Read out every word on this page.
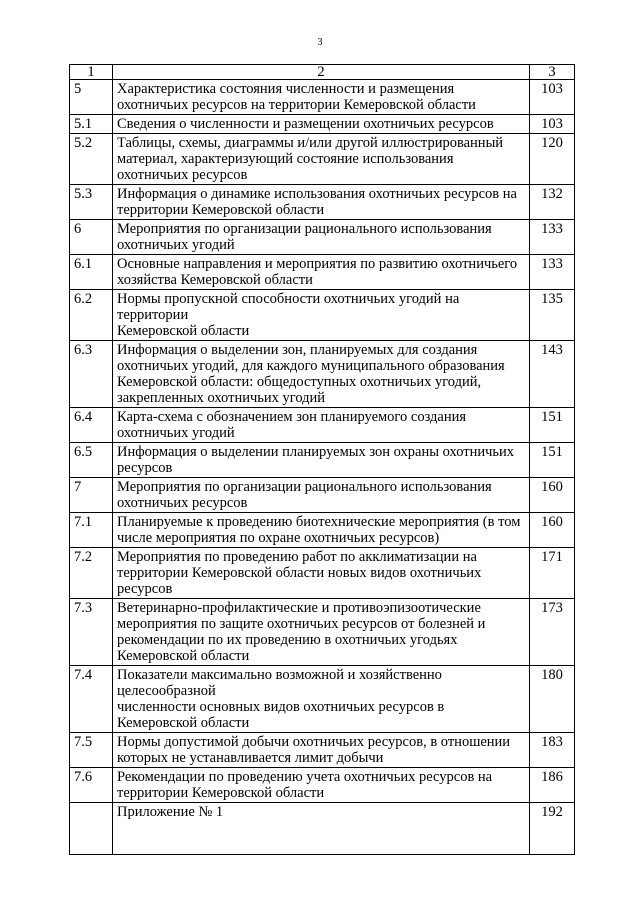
3
1	2	3
5	Характеристика состояния численности и размещения
охотничьих ресурсов на территории Кемеровской области	103
5.1	Сведения о численности и размещении охотничьих ресурсов	103
5.2	Таблицы, схемы, диаграммы и/или другой иллюстрированный
материал, характеризующий состояние использования
охотничьих ресурсов	120
5.3	Информация о динамике использования охотничьих ресурсов на
территории Кемеровской области	132
6	Мероприятия по организации рационального использования
охотничьих угодий	133
6.1	Основные направления и мероприятия по развитию охотничьего
хозяйства Кемеровской области	133
6.2	Нормы пропускной способности охотничьих угодий на территории
Кемеровской области	135
6.3	Информация о выделении зон, планируемых для создания
охотничьих угодий, для каждого муниципального образования
Кемеровской области: общедоступных охотничьих угодий,
закрепленных охотничьих угодий	143
6.4	Карта-схема с обозначением зон планируемого создания
охотничьих угодий	151
6.5	Информация о выделении планируемых зон охраны охотничьих
ресурсов	151
7	Мероприятия по организации рационального использования
охотничьих ресурсов	160
7.1	Планируемые к проведению биотехнические мероприятия (в том
числе мероприятия по охране охотничьих ресурсов)	160
7.2	Мероприятия по проведению работ по акклиматизации на
территории Кемеровской области новых видов охотничьих
ресурсов	171
7.3	Ветеринарно-профилактические и противоэпизоотические
мероприятия по защите охотничьих ресурсов от болезней и
рекомендации по их проведению в охотничьих угодьях
Кемеровской области	173
7.4	Показатели максимально возможной и хозяйственно целесообразной
численности основных видов охотничьих ресурсов в
Кемеровской области	180
7.5	Нормы допустимой добычи охотничьих ресурсов, в отношении
которых не устанавливается лимит добычи	183
7.6	Рекомендации по проведению учета охотничьих ресурсов на
территории Кемеровской области	186

	Приложение № 1	192
